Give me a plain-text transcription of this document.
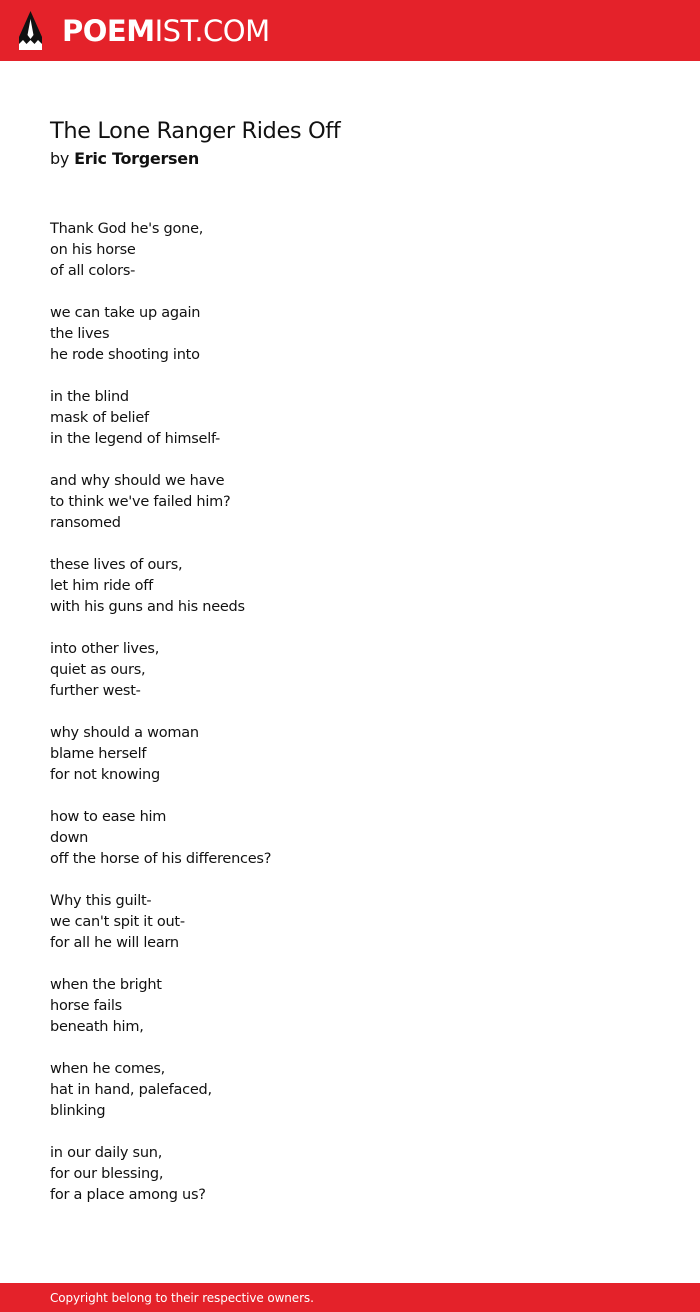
POEMIST.COM
The Lone Ranger Rides Off
by Eric Torgersen
Thank God he's gone,
on his horse
of all colors-
we can take up again
the lives
he rode shooting into
in the blind
mask of belief
in the legend of himself-
and why should we have
to think we've failed him?
ransomed
these lives of ours,
let him ride off
with his guns and his needs
into other lives,
quiet as ours,
further west-
why should a woman
blame herself
for not knowing
how to ease him
down
off the horse of his differences?
Why this guilt-
we can't spit it out-
for all he will learn
when the bright
horse fails
beneath him,
when he comes,
hat in hand, palefaced,
blinking
in our daily sun,
for our blessing,
for a place among us?
Copyright belong to their respective owners.
